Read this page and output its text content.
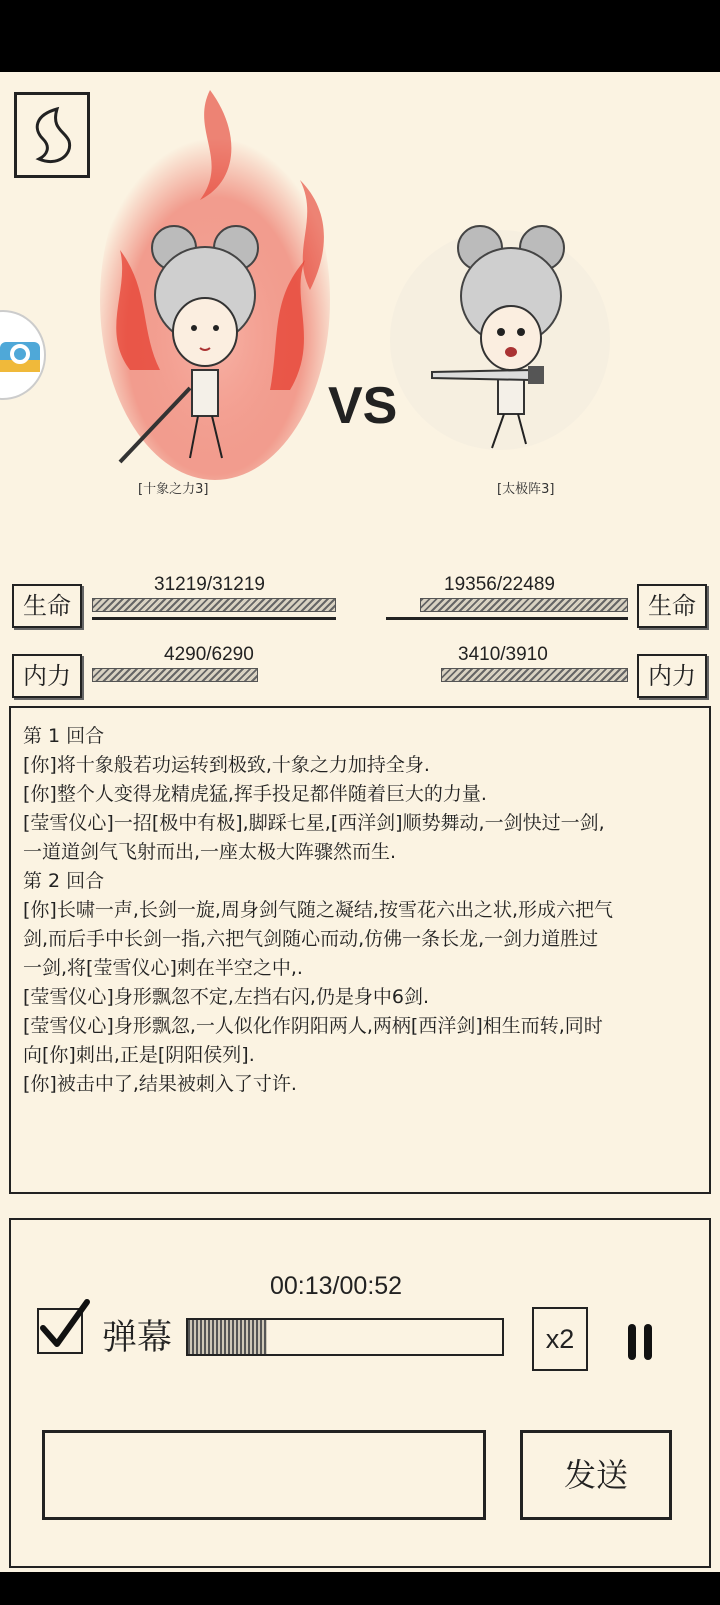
[十象之力3]
VS
[太极阵3]
生命
31219/31219
生命
19356/22489
内力
4290/6290
内力
3410/3910
第 1 回合
[你]将十象般若功运转到极致,十象之力加持全身.
[你]整个人变得龙精虎猛,挥手投足都伴随着巨大的力量.
[莹雪仪心]一招[极中有极],脚踩七星,[西洋剑]顺势舞动,一剑快过一剑,
一道道剑气飞射而出,一座太极大阵骤然而生.
第 2 回合
[你]长啸一声,长剑一旋,周身剑气随之凝结,按雪花六出之状,形成六把气
剑,而后手中长剑一指,六把气剑随心而动,仿佛一条长龙,一剑力道胜过
一剑,将[莹雪仪心]刺在半空之中,.
[莹雪仪心]身形飘忽不定,左挡右闪,仍是身中6剑.
[莹雪仪心]身形飘忽,一人似化作阴阳两人,两柄[西洋剑]相生而转,同时
向[你]刺出,正是[阴阳侯列].
[你]被击中了,结果被刺入了寸许.
00:13/00:52
弹幕	x2
发送
